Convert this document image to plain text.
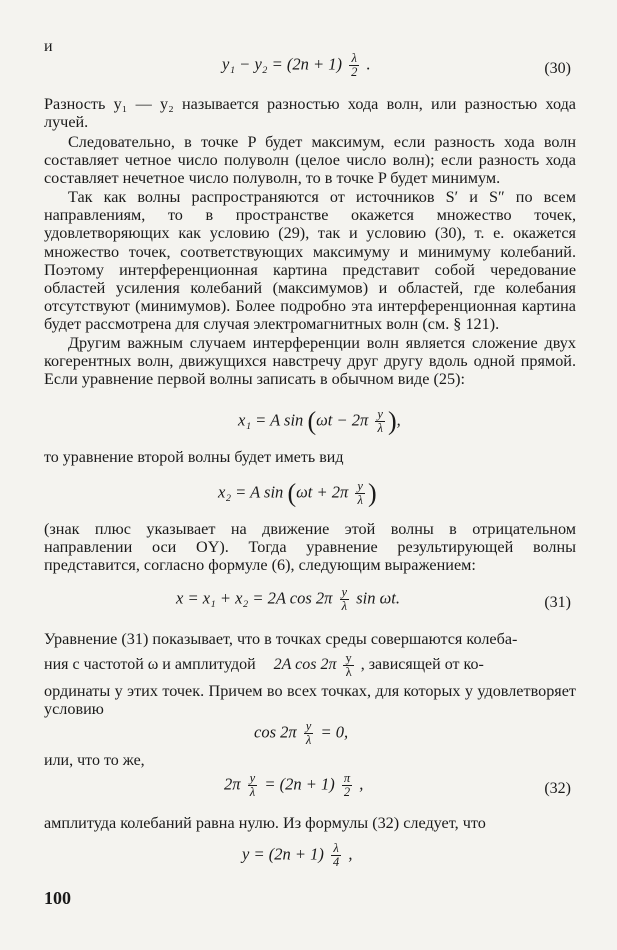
и
$y_1 - y_2 = (2n + 1) \frac{\lambda}{2}$ .	(30)

Разность y₁ — y₂ называется разностью хода волн, или разностью хода лучей.

Следовательно, в точке P будет максимум, если разность хода волн составляет четное число полуволн (целое число волн); если разность хода составляет нечетное число полуволн, то в точке P будет минимум.

Так как волны распространяются от источников S′ и S″ по всем направлениям, то в пространстве окажется множество точек, удовлетворяющих как условию (29), так и условию (30), т. е. окажется множество точек, соответствующих максимуму и минимуму колебаний. Поэтому интерференционная картина представит собой чередование областей усиления колебаний (максимумов) и областей, где колебания отсутствуют (минимумов). Более подробно эта интерференционная картина будет рассмотрена для случая электромагнитных волн (см. § 121).

Другим важным случаем интерференции волн является сложение двух когерентных волн, движущихся навстречу друг другу вдоль одной прямой. Если уравнение первой волны записать в обычном виде (25):

x₁ = A $\sin (\omega t - 2\pi \frac{y}{\lambda}$ ),
то уравнение второй волны будет иметь вид
x₂ = A $\sin (\omega t + 2\pi \frac{y}{\lambda}$ )

(знак плюс указывает на движение этой волны в отрицательном направлении оси OY). Тогда уравнение результирующей волны представится, согласно формуле (6), следующим выражением:

x = x₁ + x₂ = 2A $\cos 2\pi \frac{y}{\lambda}$ sin ωt.	(31)

Уравнение (31) показывает, что в точках среды совершаются колеба-

ния с частотой ω и амплитудой 2A $\cos 2\pi \frac{y}{\lambda}$ , зависящей от ко-

ординаты y этих точек. Причем во всех точках, для которых y удовлетворяет условию

$\cos 2\pi \frac{y}{\lambda} = 0$,
или, что то же,
$2\pi \frac{y}{\lambda} = (2n + 1) \frac{\pi}{2}$ ,	(32)

амплитуда колебаний равна нулю. Из формулы (32) следует, что

$y = (2n + 1) \frac{\lambda}{4}$ ,
100
